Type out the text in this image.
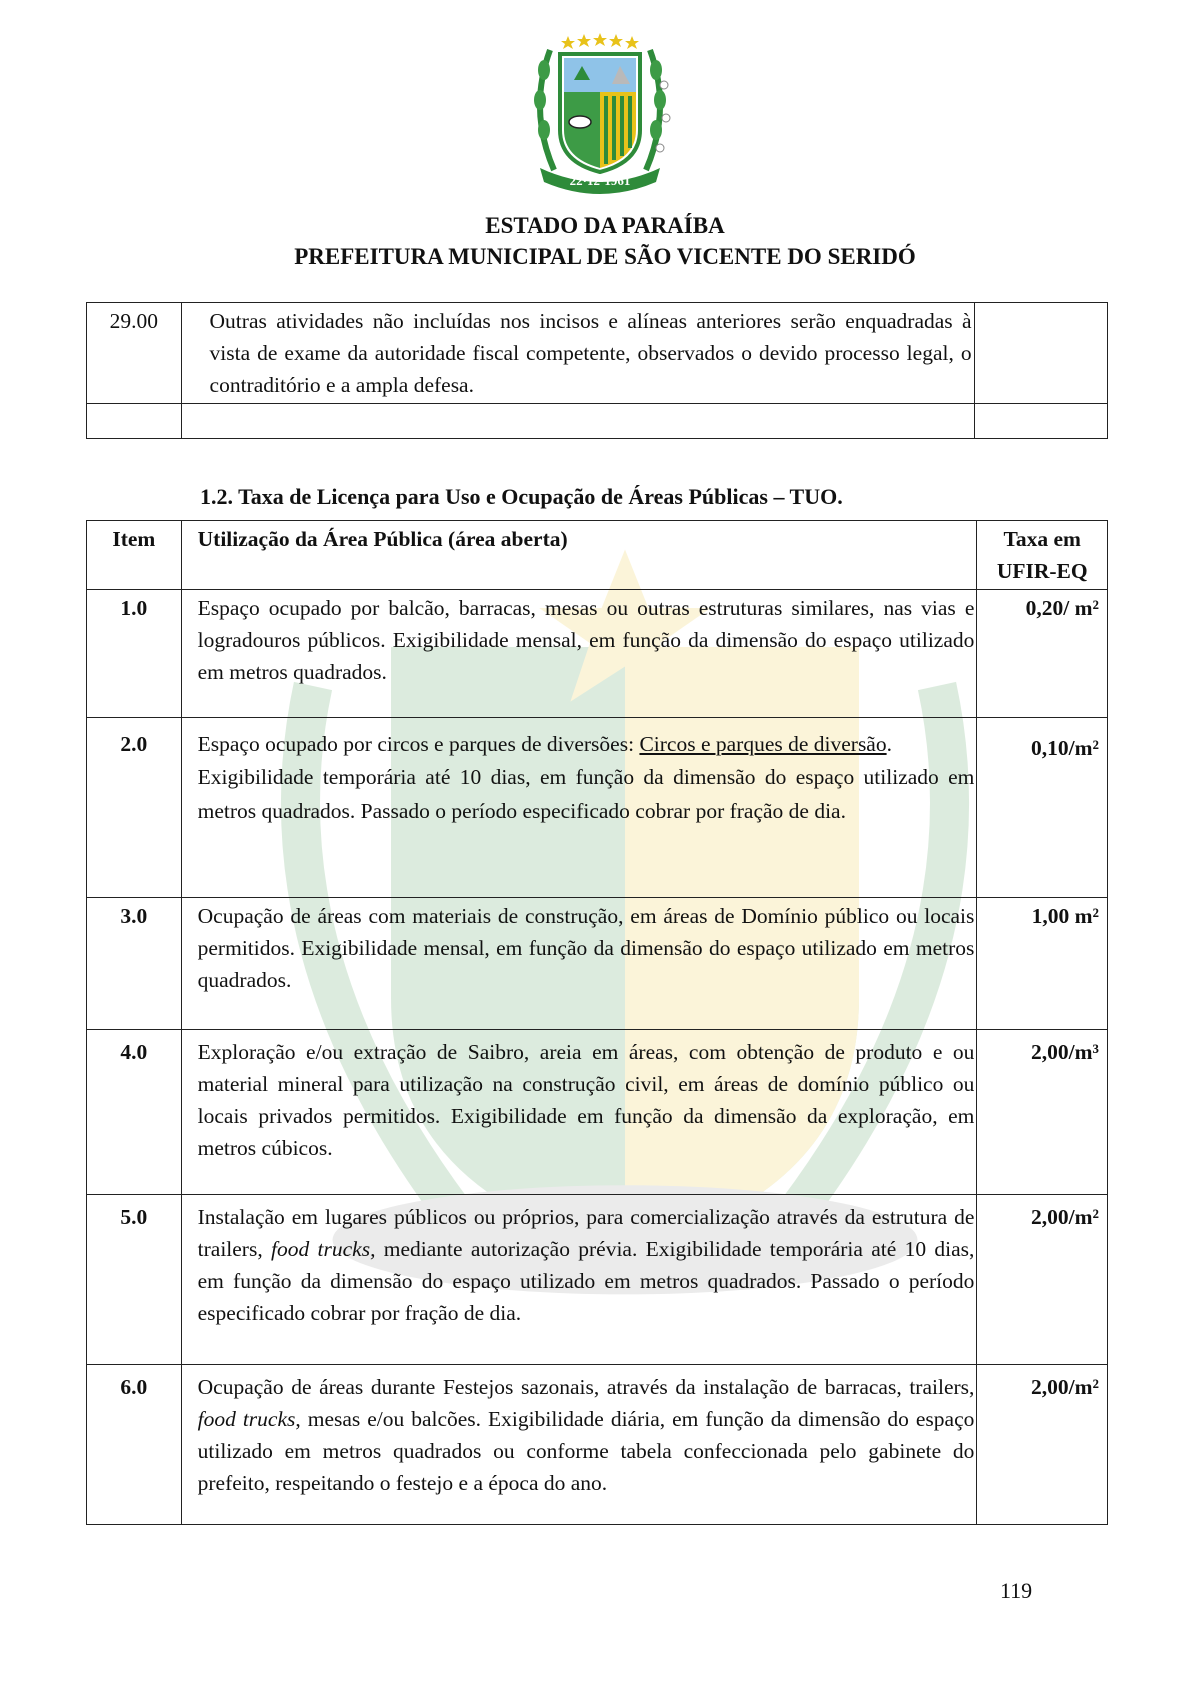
22·12·1961
ESTADO DA PARAÍBA
PREFEITURA MUNICIPAL DE SÃO VICENTE DO SERIDÓ
29.00	Outras atividades não incluídas nos incisos e alíneas anteriores serão enquadradas à vista de exame da autoridade fiscal competente, observados o devido processo legal, o contraditório e a ampla defesa.	

1.2. Taxa de Licença para Uso e Ocupação de Áreas Públicas – TUO.
Item	Utilização da Área Pública (área aberta)	Taxa em
UFIR-EQ

1.0	Espaço ocupado por balcão, barracas, mesas ou outras estruturas similares, nas vias e logradouros públicos. Exigibilidade mensal, em função da dimensão do espaço utilizado em metros quadrados.	0,20/ m²
2.0	Espaço ocupado por circos e parques de diversões: Circos e parques de diversão.
Exigibilidade temporária até 10 dias, em função da dimensão do espaço utilizado em metros quadrados. Passado o período especificado cobrar por fração de dia.	0,10/m²
3.0	Ocupação de áreas com materiais de construção, em áreas de Domínio público ou locais permitidos. Exigibilidade mensal, em função da dimensão do espaço utilizado em metros quadrados.	1,00 m²
4.0	Exploração e/ou extração de Saibro, areia em áreas, com obtenção de produto e ou material mineral para utilização na construção civil, em áreas de domínio público ou locais privados permitidos. Exigibilidade em função da dimensão da exploração, em metros cúbicos.	2,00/m³
5.0	Instalação em lugares públicos ou próprios, para comercialização através da estrutura de trailers, food trucks, mediante autorização prévia. Exigibilidade temporária até 10 dias, em função da dimensão do espaço utilizado em metros quadrados. Passado o período especificado cobrar por fração de dia.	2,00/m²
6.0	Ocupação de áreas durante Festejos sazonais, através da instalação de barracas, trailers, food trucks, mesas e/ou balcões. Exigibilidade diária, em função da dimensão do espaço utilizado em metros quadrados ou conforme tabela confeccionada pelo gabinete do prefeito, respeitando o festejo e a época do ano.	2,00/m²
119
